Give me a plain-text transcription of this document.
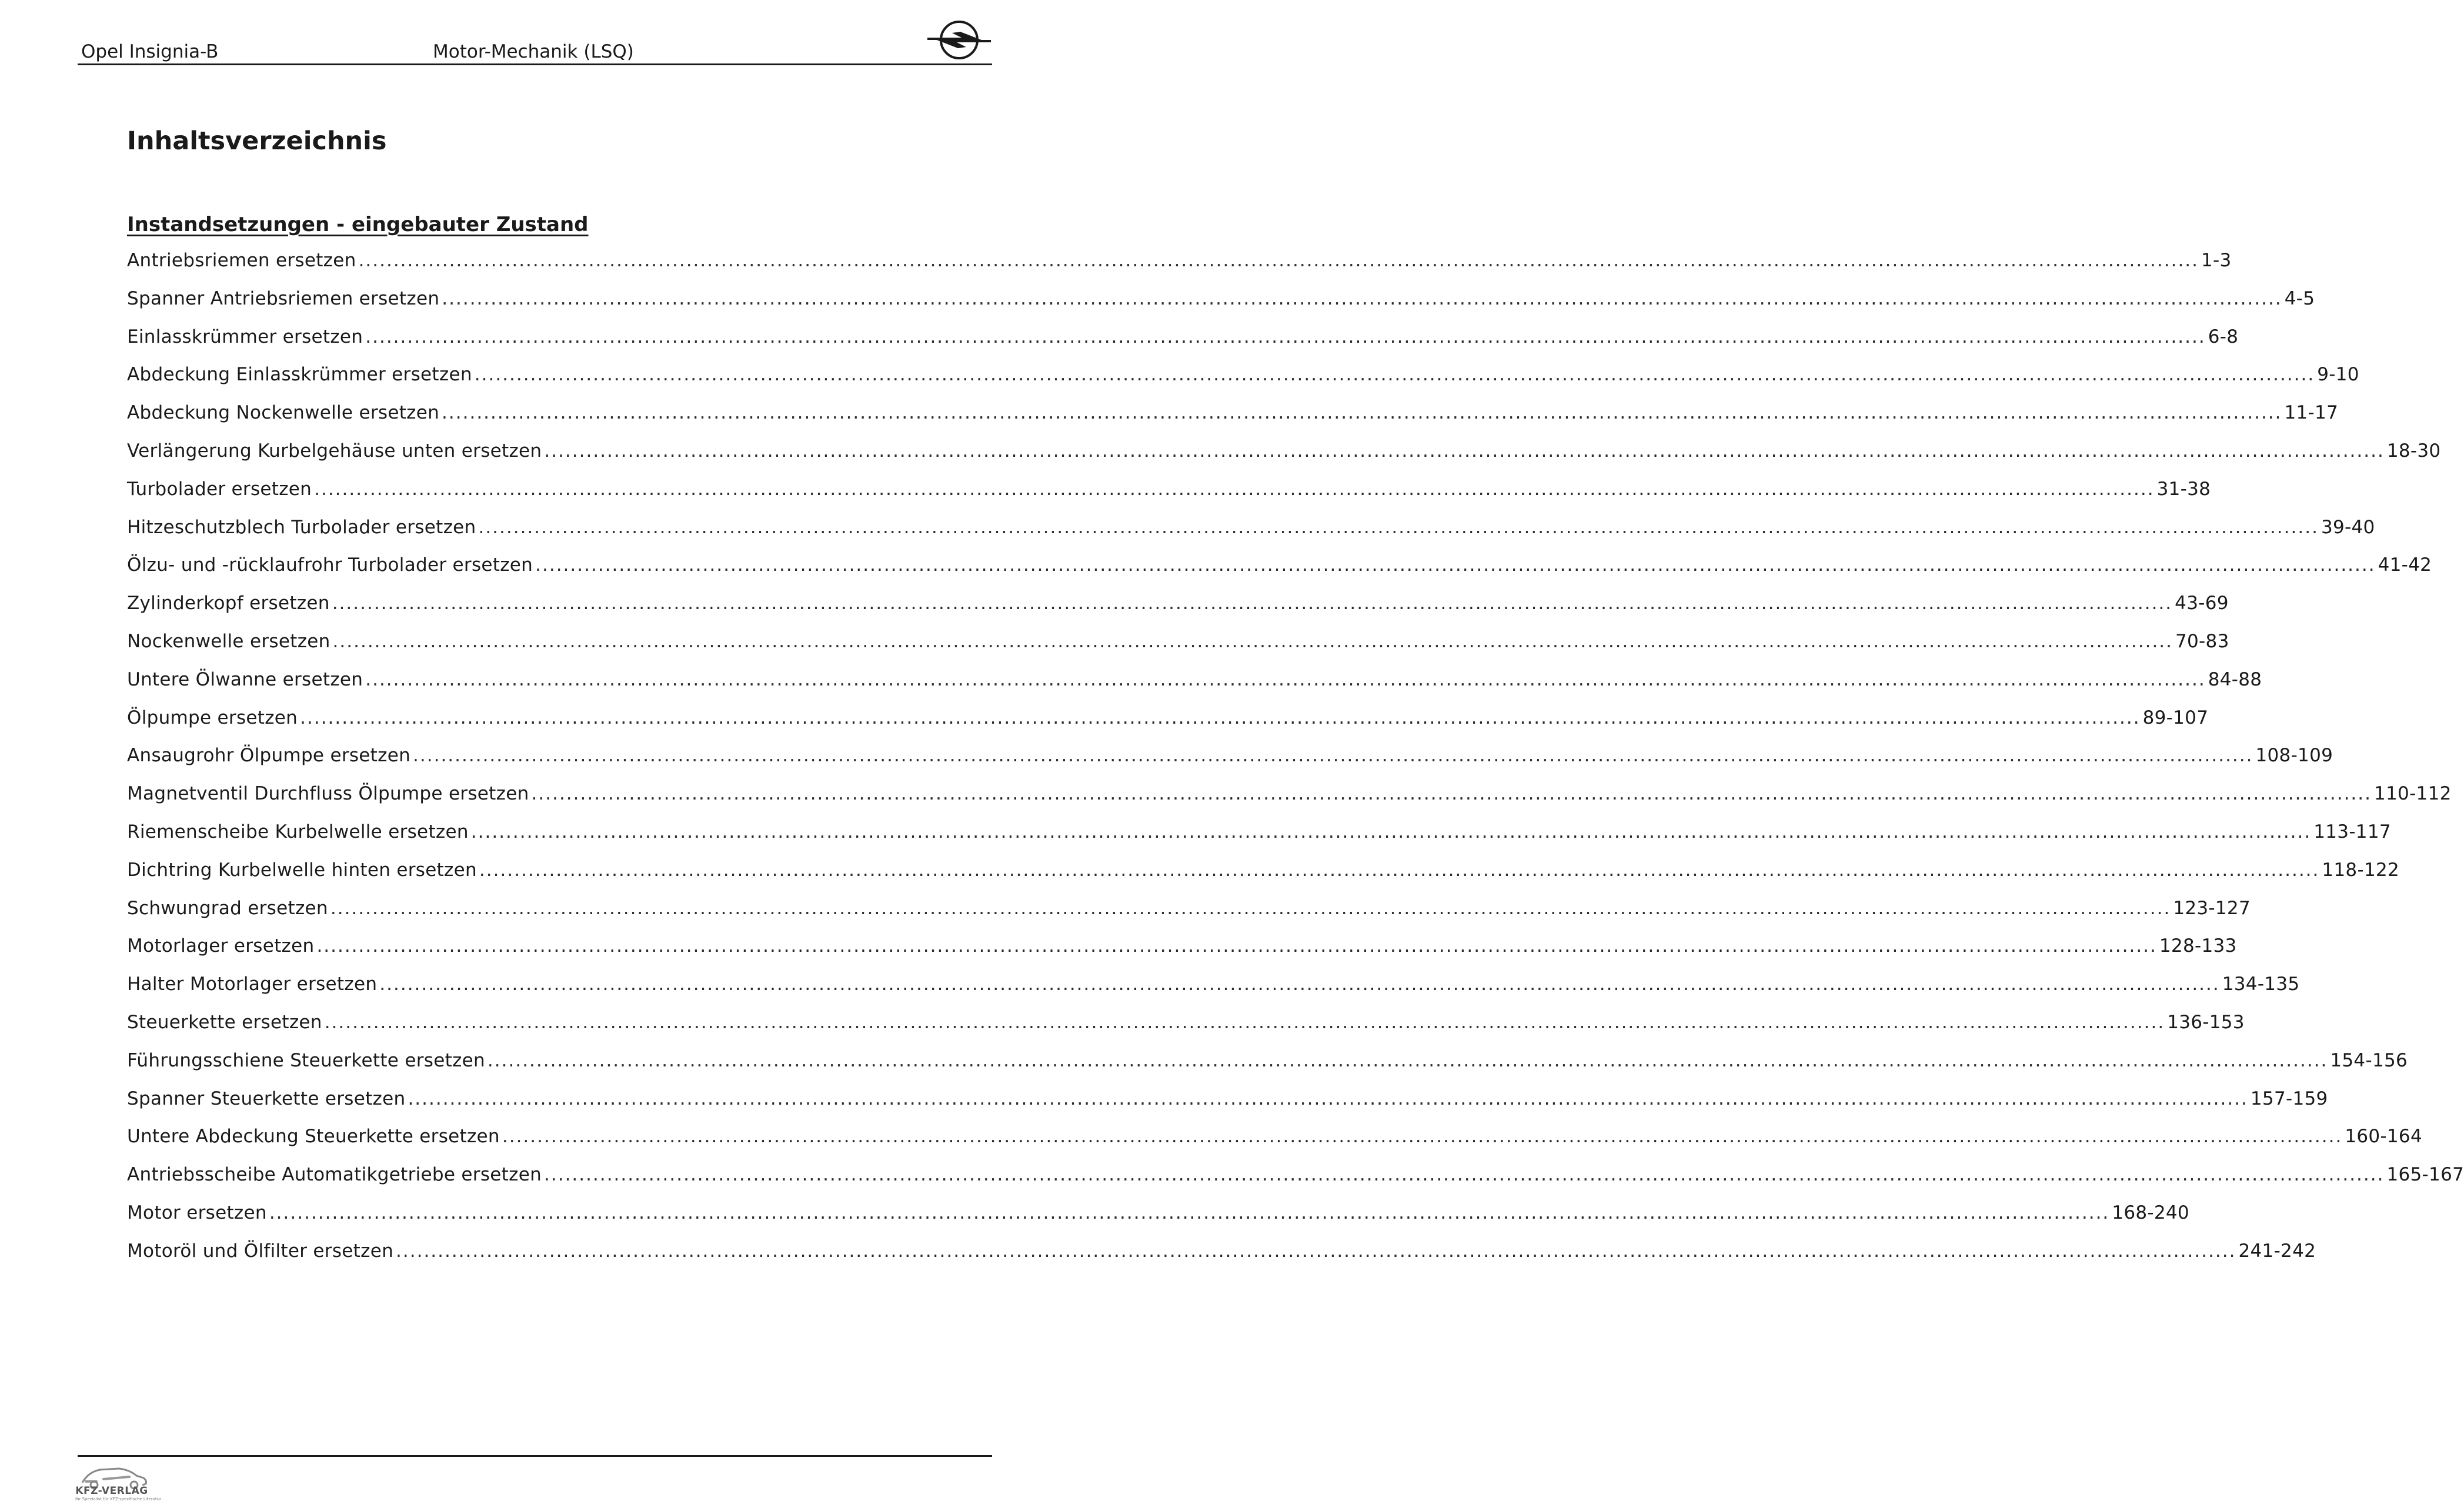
Opel Insignia-B	Motor-Mechanik (LSQ)
Inhaltsverzeichnis
Instandsetzungen - eingebauter Zustand
Antriebsriemen ersetzen .....	1-3
Spanner Antriebsriemen ersetzen .....	4-5
Einlasskrümmer ersetzen .....	6-8
Abdeckung Einlasskrümmer ersetzen .....	9-10
Abdeckung Nockenwelle ersetzen .....	11-17
Verlängerung Kurbelgehäuse unten ersetzen .....	18-30
Turbolader ersetzen .....	31-38
Hitzeschutzblech Turbolader ersetzen .....	39-40
Ölzu- und -rücklaufrohr Turbolader ersetzen .....	41-42
Zylinderkopf ersetzen .....	43-69
Nockenwelle ersetzen .....	70-83
Untere Ölwanne ersetzen .....	84-88
Ölpumpe ersetzen .....	89-107
Ansaugrohr Ölpumpe ersetzen .....	108-109
Magnetventil Durchfluss Ölpumpe ersetzen .....	110-112
Riemenscheibe Kurbelwelle ersetzen .....	113-117
Dichtring Kurbelwelle hinten ersetzen .....	118-122
Schwungrad ersetzen .....	123-127
Motorlager ersetzen .....	128-133
Halter Motorlager ersetzen .....	134-135
Steuerkette ersetzen .....	136-153
Führungsschiene Steuerkette ersetzen .....	154-156
Spanner Steuerkette ersetzen .....	157-159
Untere Abdeckung Steuerkette ersetzen .....	160-164
Antriebsscheibe Automatikgetriebe ersetzen .....	165-167
Motor ersetzen .....	168-240
Motoröl und Ölfilter ersetzen .....	241-242
KFZ-VERLAG
Ihr Spezialist für KFZ-spezifische Literatur
